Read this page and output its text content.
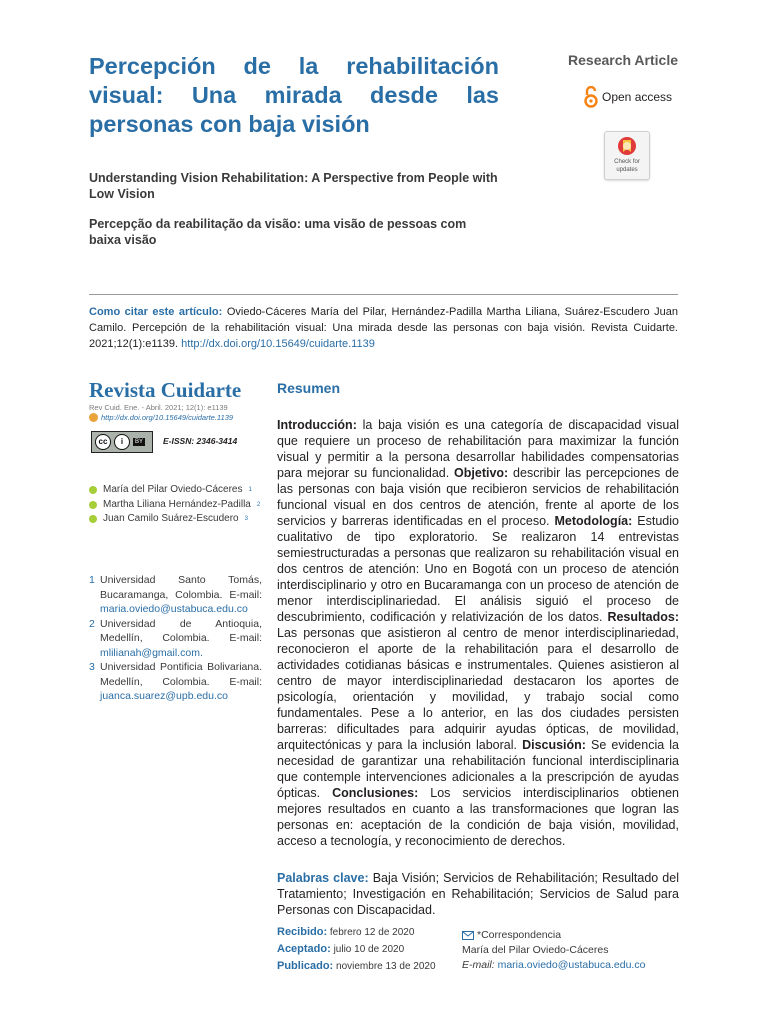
Percepción de la rehabilitación visual: Una mirada desde las personas con baja visión
Research Article
Open access
Check for
updates
Understanding Vision Rehabilitation: A Perspective from People with Low Vision
Percepção da reabilitação da visão: uma visão de pessoas com baixa visão
Como citar este artículo: Oviedo-Cáceres María del Pilar, Hernández-Padilla Martha Liliana, Suárez-Escudero Juan Camilo. Percepción de la rehabilitación visual: Una mirada desde las personas con baja visión. Revista Cuidarte. 2021;12(1):e1139. http://dx.doi.org/10.15649/cuidarte.1139
Revista Cuidarte
Rev Cuid. Ene. - Abril. 2021; 12(1): e1139
http://dx.doi.org/10.15649/cuidarte.1139
cc	i	BY E-ISSN: 2346-3414
María del Pilar Oviedo-Cáceres 1
Martha Liliana Hernández-Padilla 2
Juan Camilo Suárez-Escudero 3
1 Universidad Santo Tomás, Bucaramanga, Colombia. E-mail: maria.oviedo@ustabuca.edu.co
2 Universidad de Antioquia, Medellín, Colombia. E-mail: mlilianah@gmail.com.
3 Universidad Pontificia Bolivariana. Medellín, Colombia. E-mail: juanca.suarez@upb.edu.co
Resumen
Introducción: la baja visión es una categoría de discapacidad visual que requiere un proceso de rehabilitación para maximizar la función visual y permitir a la persona desarrollar habilidades compensatorias para mejorar su funcionalidad. Objetivo: describir las percepciones de las personas con baja visión que recibieron servicios de rehabilitación funcional visual en dos centros de atención, frente al aporte de los servicios y barreras identificadas en el proceso. Metodología: Estudio cualitativo de tipo exploratorio. Se realizaron 14 entrevistas semiestructuradas a personas que realizaron su rehabilitación visual en dos centros de atención: Uno en Bogotá con un proceso de atención interdisciplinario y otro en Bucaramanga con un proceso de atención de menor interdisciplinariedad. El análisis siguió el proceso de descubrimiento, codificación y relativización de los datos. Resultados: Las personas que asistieron al centro de menor interdisciplinariedad, reconocieron el aporte de la rehabilitación para el desarrollo de actividades cotidianas básicas e instrumentales. Quienes asistieron al centro de mayor interdisciplinariedad destacaron los aportes de psicología, orientación y movilidad, y trabajo social como fundamentales. Pese a lo anterior, en las dos ciudades persisten barreras: dificultades para adquirir ayudas ópticas, de movilidad, arquitectónicas y para la inclusión laboral. Discusión: Se evidencia la necesidad de garantizar una rehabilitación funcional interdisciplinaria que contemple intervenciones adicionales a la prescripción de ayudas ópticas. Conclusiones: Los servicios interdisciplinarios obtienen mejores resultados en cuanto a las transformaciones que logran las personas en: aceptación de la condición de baja visión, movilidad, acceso a tecnología, y reconocimiento de derechos.
Palabras clave: Baja Visión; Servicios de Rehabilitación; Resultado del Tratamiento; Investigación en Rehabilitación; Servicios de Salud para Personas con Discapacidad.
Recibido: febrero 12 de 2020
Aceptado: julio 10 de 2020
Publicado: noviembre 13 de 2020
*Correspondencia
María del Pilar Oviedo-Cáceres
E-mail: maria.oviedo@ustabuca.edu.co
